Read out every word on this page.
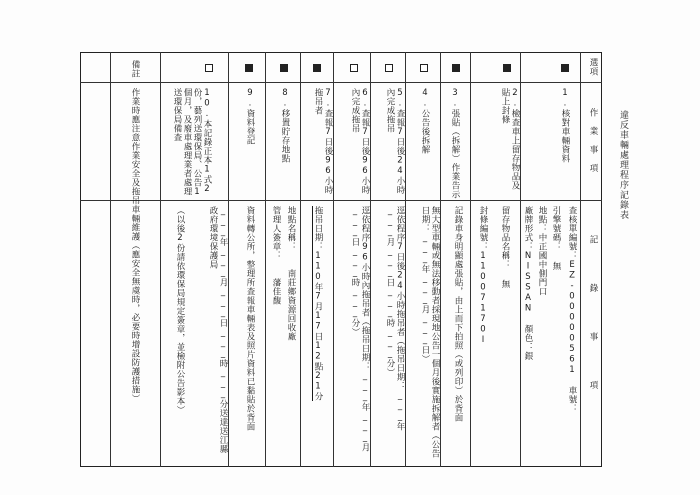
違反車輛處理程序記錄表
選項
作業事項
記錄事項
1.核對車輛資料
查核單編號：EZ-00000561 車號：
引擎號碼： 無
地點：中正國中側門口
廠牌形式：NISSAN 顏色：銀
2.檢查車上留存物品及貼上封條
留存物品名稱： 無
封條編號：11007170I
3.張貼（拆解）作業告示
記錄車身明顯處張貼，由上而下拍照（或列印）於背面
4.公告後拆解
無大型車輛或無法移動者採現地公告一個月後實施拆解者（公告日期：___年___月___日）
5.查報7日後24小時內完成拖吊
逕依程序7日後24小時拖吊者（拖吊日期：___年___月___日___時___分）
6.查報7日後96小時內完成拖吊
逕依程序96小時內拖吊者（拖吊日期：___年___月___日___時___分）
7.查報7日後96小時拖吊者
拖吊日期：110年7月17日12點21分
8.移置貯存地點
地點名稱：　　南莊鄉資源回收廠
管理人簽章：　　藩佳馥
9.資料登記
資料轉公所，整理所查報車輛表及照片資料已黏貼於背面
10.本記錄正本1式2份，藝列送環保局、公告1個月，及廢車處理業者處理送環保局備查
___年___月___日___時___分送達送江縣政府環境保護局
（以後2份請依環保局規定簽章，並檢附公告影本）
備註
作業時應注意作業安全及拖吊車輛維護（應安全無虞時，必要時增設防護措施）
